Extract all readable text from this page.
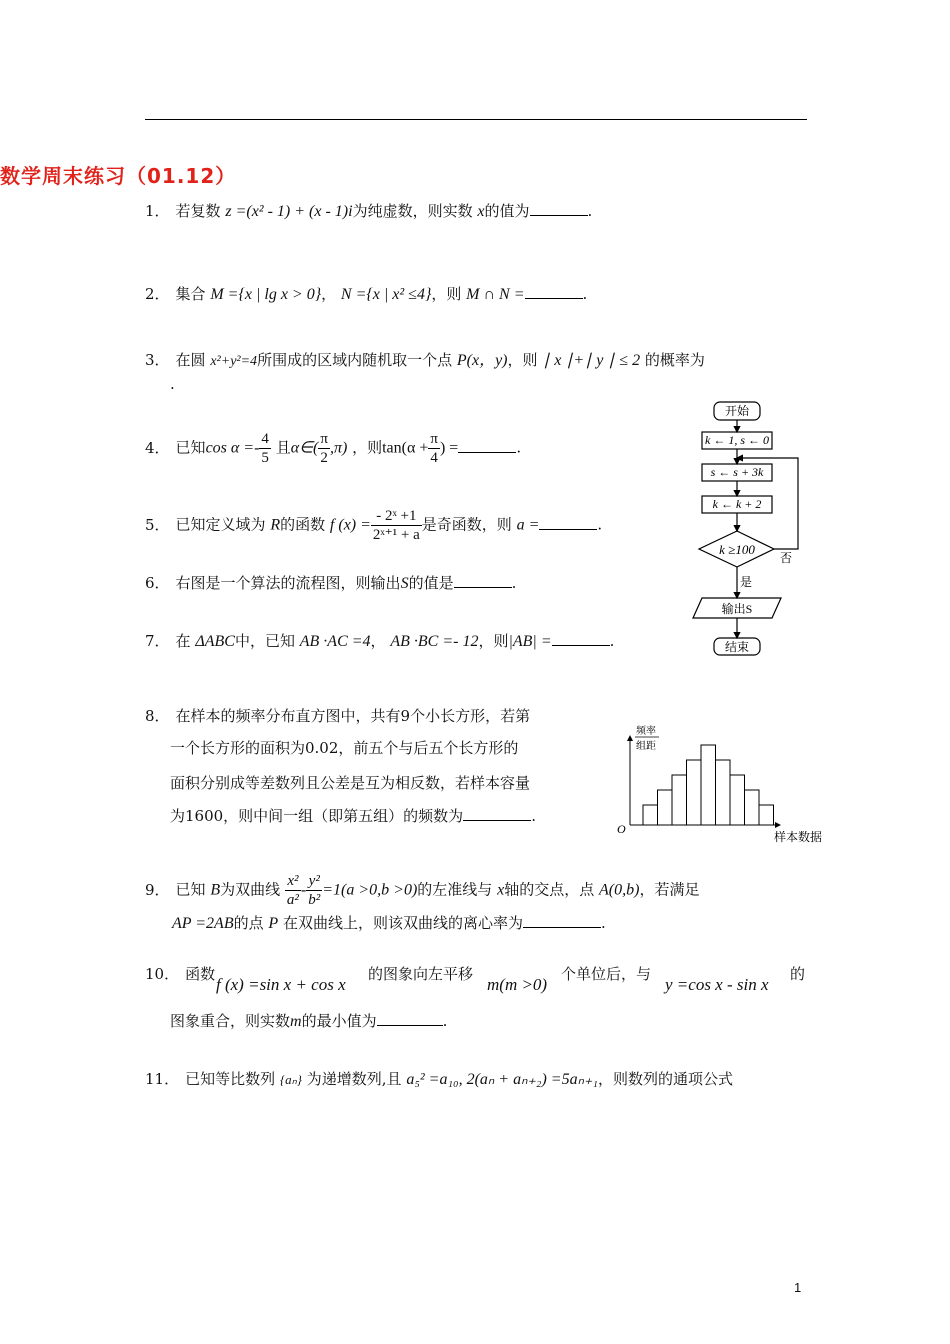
数学周末练习（01.12）
1． 若复数 z =(x² - 1) + (x - 1)i为纯虚数，则实数 x的值为	.
2． 集合 M ={x | lg x > 0}， N ={x | x² ≤4}，则 M ∩ N =	.
3． 在圆 x²+y²=4所围成的区域内随机取一个点 P(x，y)，则 ∣ x ∣+∣ y ∣ ≤ 2 的概率为
.
4． 已知$\cos \alpha =- \frac{4}{5}$ 且α∈( $\frac{\pi}{2} ,\pi$) ，则$\tan(\alpha + \frac{\pi}{4}$ ) =	.
5． 已知定义域为 R的函数 f $(x) = \frac{\text{- 2ˣ +1}}{\text{2ˣ⁺¹ + a}}$ 是奇函数，则 a =	.
6． 右图是一个算法的流程图，则输出S的值是	.
7． 在 ΔABC中，已知 AB ·AC =4， AB ·BC =- 12，则|AB| =	.
8． 在样本的频率分布直方图中，共有9个小长方形，若第
一个长方形的面积为0.02，前五个与后五个长方形的
面积分别成等差数列且公差是互为相反数，若样本容量
为1600，则中间一组（即第五组）的频数为	.
9． 已知 B为双曲线 $\frac{\text{x²}}{\text{a²}} - \frac{\text{y²}}{\text{b²}} =1(a >0,b >0)$的左准线与 x轴的交点，点 A(0,b)，若满足
AP =2AB的点 P 在双曲线上，则该双曲线的离心率为	.
10． 函数
f (x) =sin x + cos x
的图象向左平移
m(m >0)
个单位后，与
y =cos x - sin x
的
图象重合，则实数m的最小值为	.
11． 已知等比数列 {aₙ} 为递增数列,且 a₅² =a₁₀, 2(aₙ + aₙ₊₂) =5aₙ₊₁，则数列的通项公式
开始
k ← 1, s ← 0
s ← s + 3k
k ← k + 2
k ≥100
否
是
输出S
结束
频率
组距
O
样本数据
1
